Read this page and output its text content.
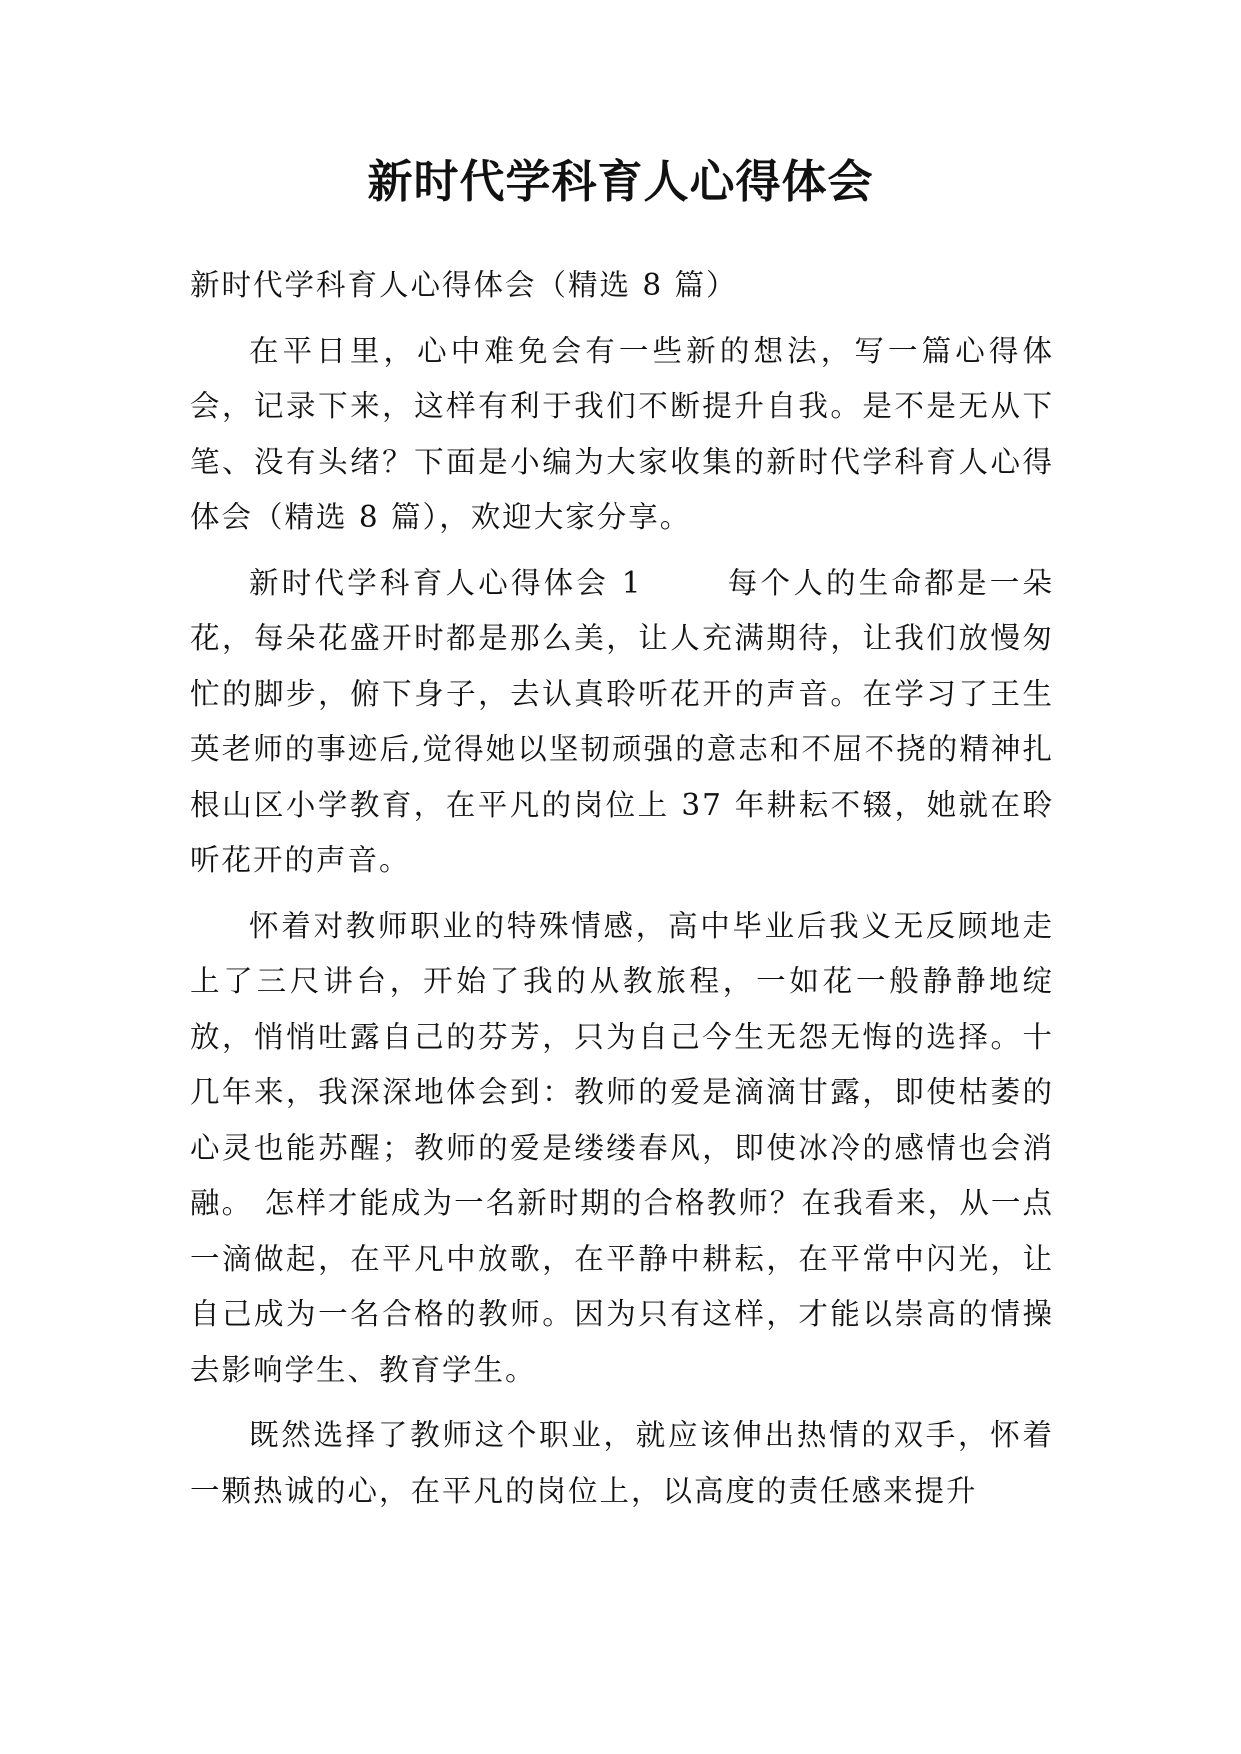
新时代学科育人心得体会

新时代学科育人心得体会（精选 8 篇）

在平日里，心中难免会有一些新的想法，写一篇心得体会，记录下来，这样有利于我们不断提升自我。是不是无从下笔、没有头绪？下面是小编为大家收集的新时代学科育人心得体会（精选 8 篇），欢迎大家分享。

新时代学科育人心得体会 1	每个人的生命都是一朵花，每朵花盛开时都是那么美，让人充满期待，让我们放慢匆忙的脚步，俯下身子，去认真聆听花开的声音。在学习了王生英老师的事迹后,觉得她以坚韧顽强的意志和不屈不挠的精神扎根山区小学教育，在平凡的岗位上 37 年耕耘不辍，她就在聆听花开的声音。

怀着对教师职业的特殊情感，高中毕业后我义无反顾地走上了三尺讲台，开始了我的从教旅程，一如花一般静静地绽放，悄悄吐露自己的芬芳，只为自己今生无怨无悔的选择。十几年来，我深深地体会到：教师的爱是滴滴甘露，即使枯萎的心灵也能苏醒；教师的爱是缕缕春风，即使冰冷的感情也会消融。 怎样才能成为一名新时期的合格教师？在我看来，从一点一滴做起，在平凡中放歌，在平静中耕耘，在平常中闪光，让自己成为一名合格的教师。因为只有这样，才能以崇高的情操去影响学生、教育学生。

既然选择了教师这个职业，就应该伸出热情的双手，怀着一颗热诚的心，在平凡的岗位上，以高度的责任感来提升
